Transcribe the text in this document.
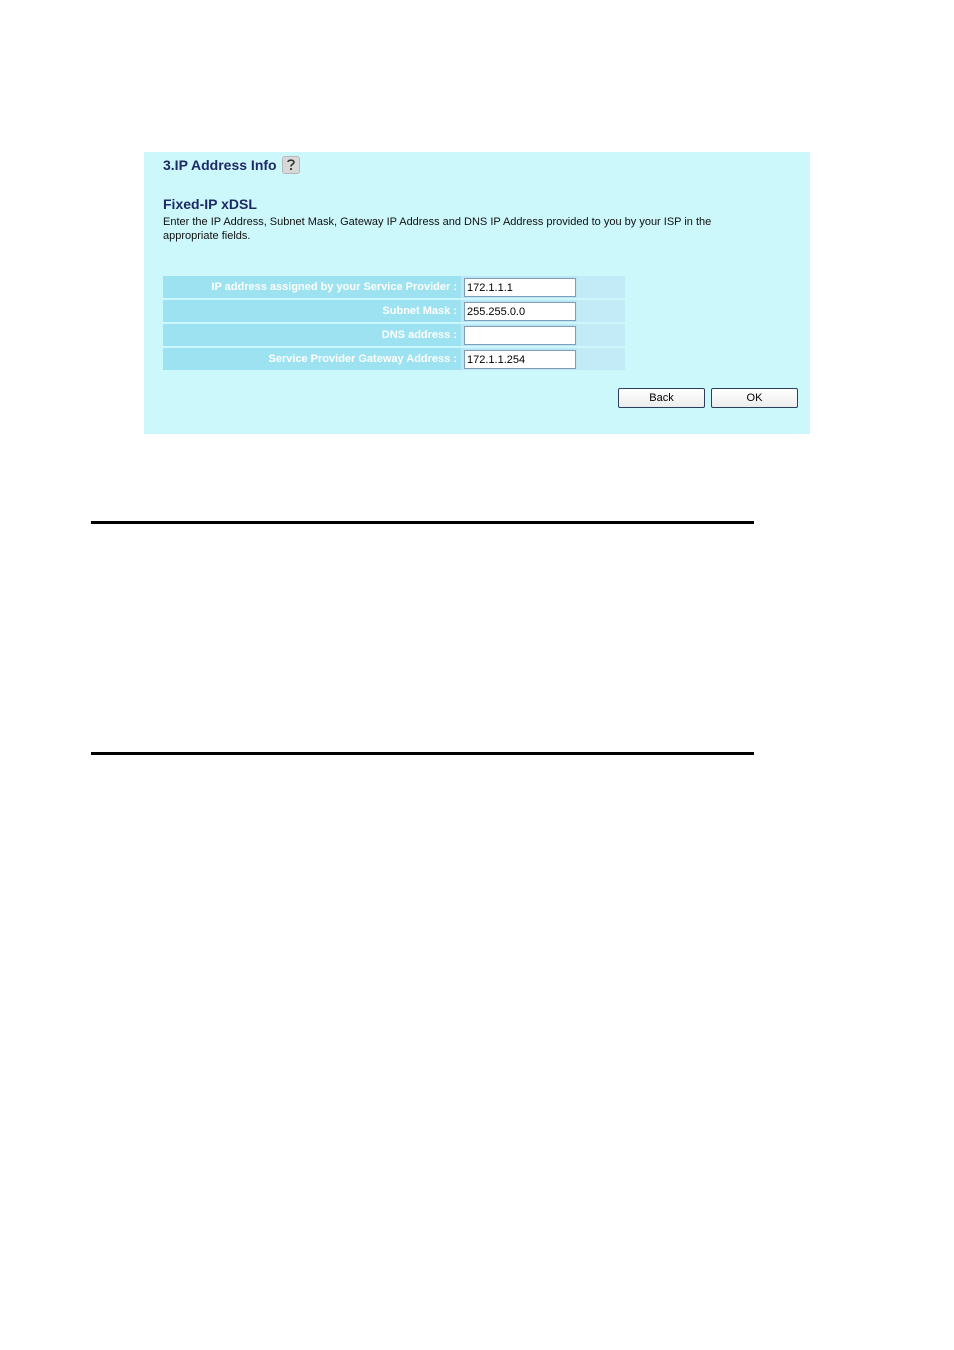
3.IP Address Info
Fixed-IP xDSL
Enter the IP Address, Subnet Mask, Gateway IP Address and DNS IP Address provided to you by your ISP in the appropriate fields.
IP address assigned by your Service Provider :
172.1.1.1
Subnet Mask :
255.255.0.0
DNS address :
Service Provider Gateway Address :
172.1.1.254
Back	OK
